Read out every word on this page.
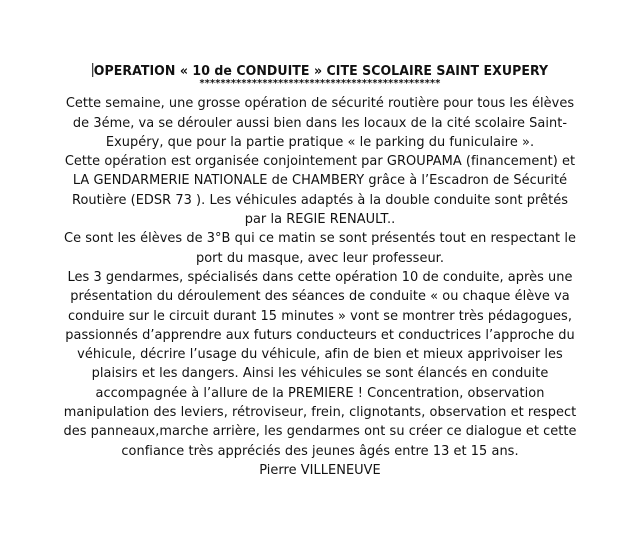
OPERATION « 10 de CONDUITE » CITE SCOLAIRE SAINT EXUPERY
**********************************************

Cette semaine, une grosse opération de sécurité routière pour tous les élèves de 3éme, va se dérouler aussi bien dans les locaux de la cité scolaire Saint-Exupéry, que pour la partie pratique « le parking du funiculaire ».

Cette opération est organisée conjointement par GROUPAMA (financement) et LA GENDARMERIE NATIONALE de CHAMBERY grâce à l’Escadron de Sécurité Routière (EDSR 73 ). Les véhicules adaptés à la double conduite sont prêtés par la REGIE RENAULT..

Ce sont les élèves de 3°B qui ce matin se sont présentés tout en respectant le port du masque, avec leur professeur.

Les 3 gendarmes, spécialisés dans cette opération 10 de conduite, après une présentation du déroulement des séances de conduite « ou chaque élève va conduire sur le circuit durant 15 minutes » vont se montrer très pédagogues, passionnés d’apprendre aux futurs conducteurs et conductrices l’approche du véhicule, décrire l’usage du véhicule, afin de bien et mieux apprivoiser les plaisirs et les dangers. Ainsi les véhicules se sont élancés en conduite accompagnée à l’allure de la PREMIERE ! Concentration, observation manipulation des leviers, rétroviseur, frein, clignotants, observation et respect des panneaux,marche arrière, les gendarmes ont su créer ce dialogue et cette confiance très appréciés des jeunes âgés entre 13 et 15 ans.

Pierre VILLENEUVE
